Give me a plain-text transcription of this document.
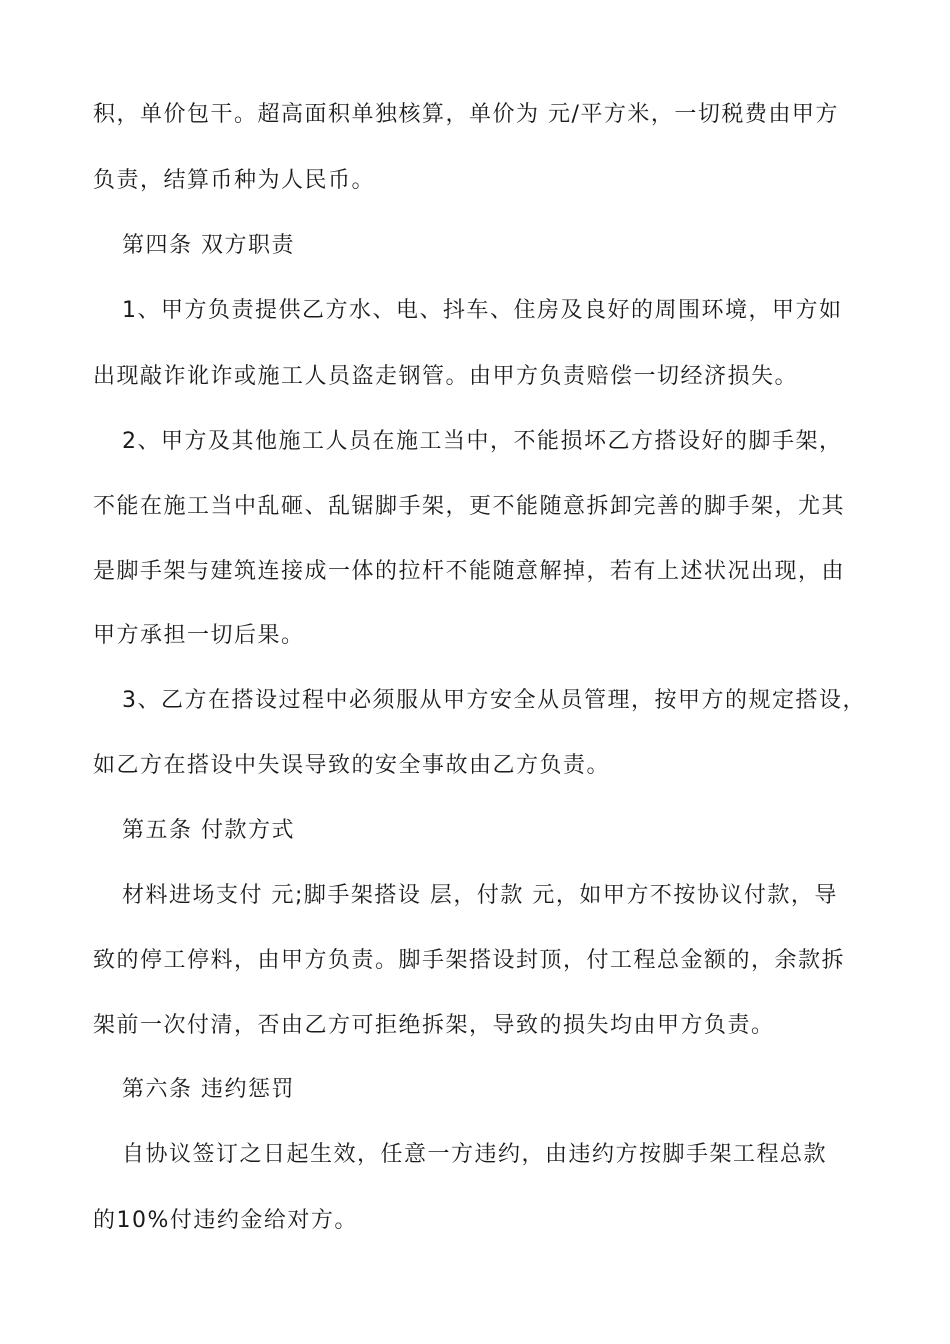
积，单价包干。超高面积单独核算，单价为 元/平方米，一切税费由甲方
负责，结算币种为人民币。
第四条 双方职责
1、甲方负责提供乙方水、电、抖车、住房及良好的周围环境，甲方如
出现敲诈讹诈或施工人员盗走钢管。由甲方负责赔偿一切经济损失。
2、甲方及其他施工人员在施工当中，不能损坏乙方搭设好的脚手架，
不能在施工当中乱砸、乱锯脚手架，更不能随意拆卸完善的脚手架，尤其
是脚手架与建筑连接成一体的拉杆不能随意解掉，若有上述状况出现，由
甲方承担一切后果。
3、乙方在搭设过程中必须服从甲方安全从员管理，按甲方的规定搭设，
如乙方在搭设中失误导致的安全事故由乙方负责。
第五条 付款方式
材料进场支付 元;脚手架搭设 层，付款 元，如甲方不按协议付款，导
致的停工停料，由甲方负责。脚手架搭设封顶，付工程总金额的，余款拆
架前一次付清，否由乙方可拒绝拆架，导致的损失均由甲方负责。
第六条 违约惩罚
自协议签订之日起生效，任意一方违约，由违约方按脚手架工程总款
的10%付违约金给对方。
